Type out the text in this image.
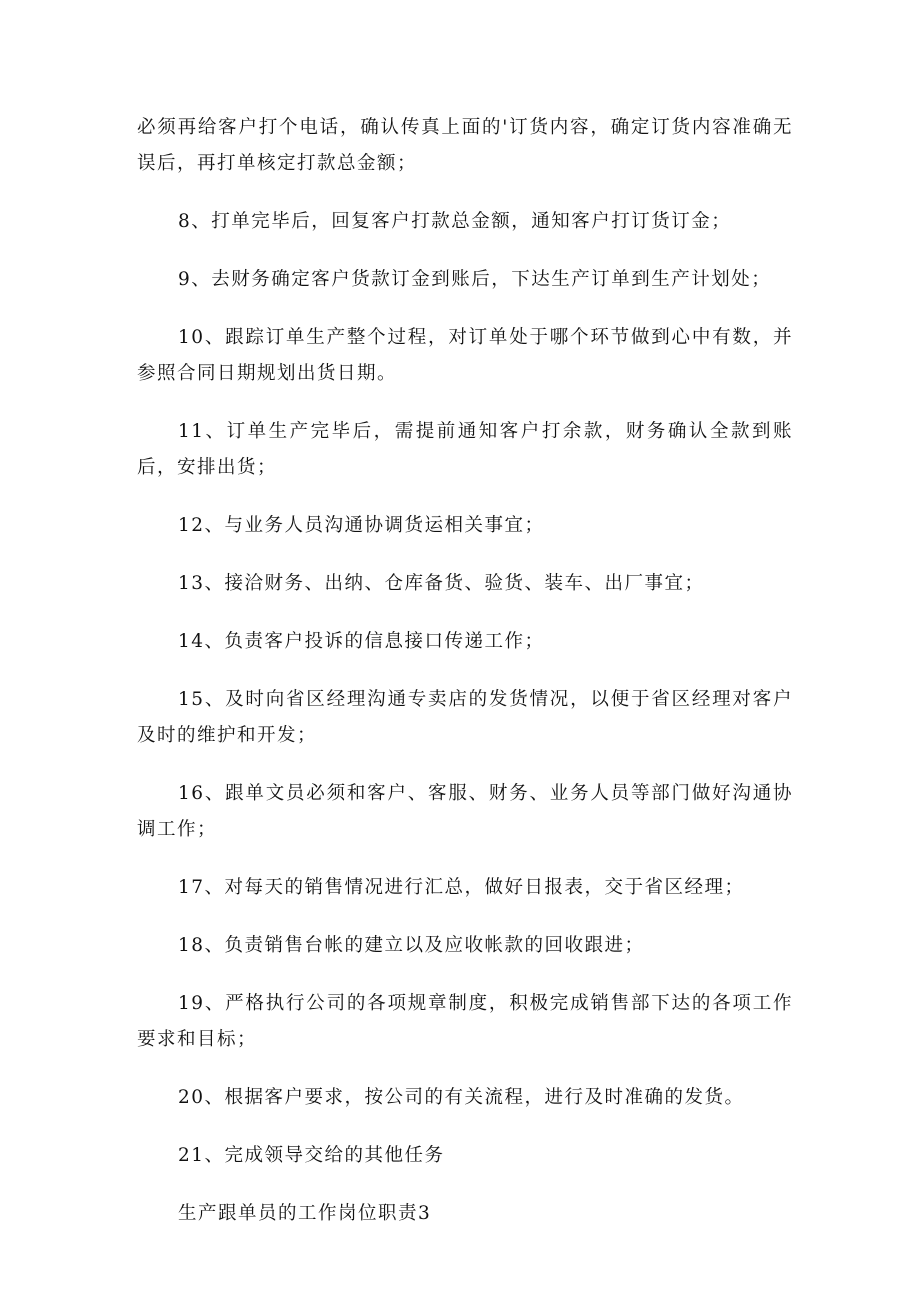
必须再给客户打个电话，确认传真上面的'订货内容，确定订货内容准确无误后，再打单核定打款总金额；

8、打单完毕后，回复客户打款总金额，通知客户打订货订金；

9、去财务确定客户货款订金到账后，下达生产订单到生产计划处；

10、跟踪订单生产整个过程，对订单处于哪个环节做到心中有数，并参照合同日期规划出货日期。

11、订单生产完毕后，需提前通知客户打余款，财务确认全款到账后，安排出货；

12、与业务人员沟通协调货运相关事宜；

13、接洽财务、出纳、仓库备货、验货、装车、出厂事宜；

14、负责客户投诉的信息接口传递工作；

15、及时向省区经理沟通专卖店的发货情况，以便于省区经理对客户及时的维护和开发；

16、跟单文员必须和客户、客服、财务、业务人员等部门做好沟通协调工作；

17、对每天的销售情况进行汇总，做好日报表，交于省区经理；

18、负责销售台帐的建立以及应收帐款的回收跟进；

19、严格执行公司的各项规章制度，积极完成销售部下达的各项工作要求和目标；

20、根据客户要求，按公司的有关流程，进行及时准确的发货。

21、完成领导交给的其他任务

生产跟单员的工作岗位职责3
